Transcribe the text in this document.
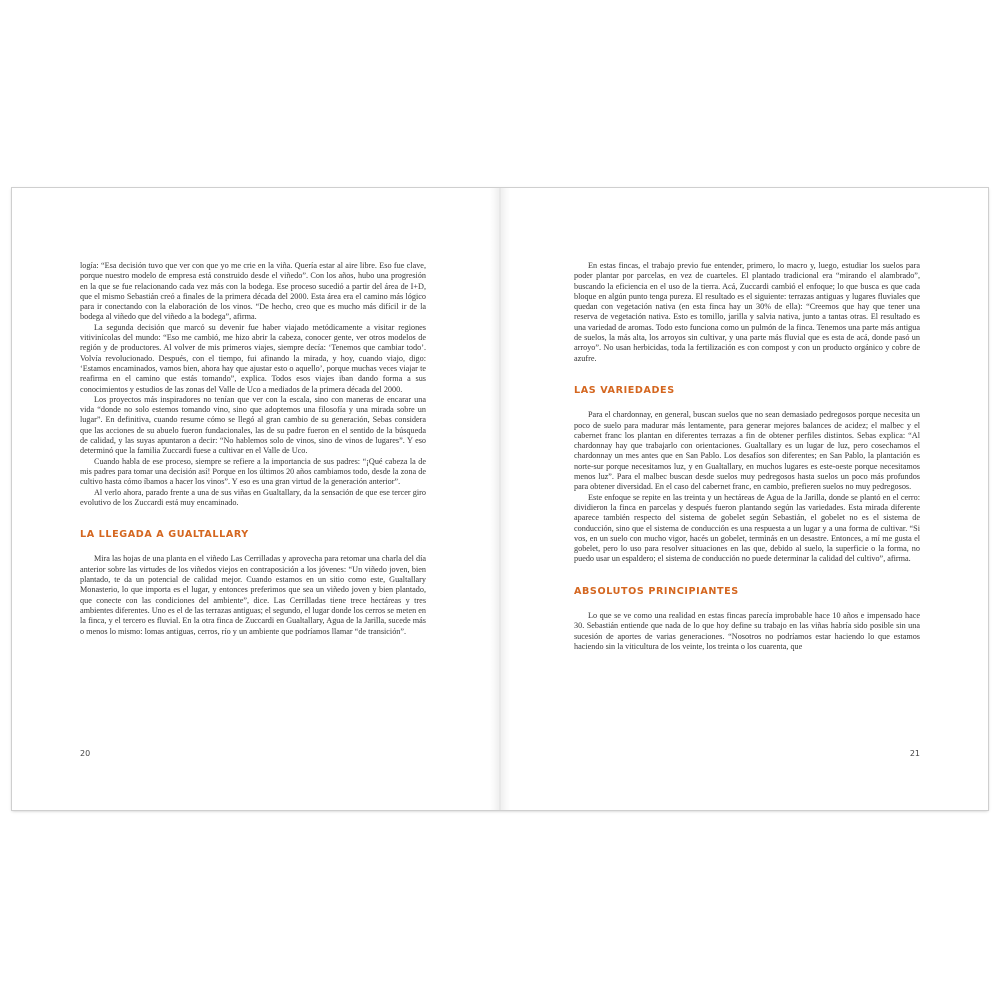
logía: “Esa decisión tuvo que ver con que yo me crie en la viña. Quería estar al aire libre. Eso fue clave, porque nuestro modelo de empresa está construido desde el viñedo”. Con los años, hubo una progresión en la que se fue relacionando cada vez más con la bodega. Ese proceso sucedió a partir del área de I+D, que el mismo Sebastián creó a finales de la primera década del 2000. Esta área era el camino más lógico para ir conectando con la elaboración de los vinos. “De hecho, creo que es mucho más difícil ir de la bodega al viñedo que del viñedo a la bodega”, afirma.

La segunda decisión que marcó su devenir fue haber viajado metódicamente a visitar regiones vitivinícolas del mundo: “Eso me cambió, me hizo abrir la cabeza, conocer gente, ver otros modelos de región y de productores. Al volver de mis primeros viajes, siempre decía: ‘Tenemos que cambiar todo’. Volvía revolucionado. Después, con el tiempo, fui afinando la mirada, y hoy, cuando viajo, digo: ‘Estamos encaminados, vamos bien, ahora hay que ajustar esto o aquello’, porque muchas veces viajar te reafirma en el camino que estás tomando”, explica. Todos esos viajes iban dando forma a sus conocimientos y estudios de las zonas del Valle de Uco a mediados de la primera década del 2000.

Los proyectos más inspiradores no tenían que ver con la escala, sino con maneras de encarar una vida “donde no solo estemos tomando vino, sino que adoptemos una filosofía y una mirada sobre un lugar”. En definitiva, cuando resume cómo se llegó al gran cambio de su generación, Sebas considera que las acciones de su abuelo fueron fundacionales, las de su padre fueron en el sentido de la búsqueda de calidad, y las suyas apuntaron a decir: “No hablemos solo de vinos, sino de vinos de lugares”. Y eso determinó que la familia Zuccardi fuese a cultivar en el Valle de Uco.

Cuando habla de ese proceso, siempre se refiere a la importancia de sus padres: “¡Qué cabeza la de mis padres para tomar una decisión así! Porque en los últimos 20 años cambiamos todo, desde la zona de cultivo hasta cómo íbamos a hacer los vinos”. Y eso es una gran virtud de la generación anterior”.

Al verlo ahora, parado frente a una de sus viñas en Gualtallary, da la sensación de que ese tercer giro evolutivo de los Zuccardi está muy encaminado.

LA LLEGADA A GUALTALLARY

Mira las hojas de una planta en el viñedo Las Cerrilladas y aprovecha para retomar una charla del día anterior sobre las virtudes de los viñedos viejos en contraposición a los jóvenes: “Un viñedo joven, bien plantado, te da un potencial de calidad mejor. Cuando estamos en un sitio como este, Gualtallary Monasterio, lo que importa es el lugar, y entonces preferimos que sea un viñedo joven y bien plantado, que conecte con las condiciones del ambiente”, dice. Las Cerrilladas tiene trece hectáreas y tres ambientes diferentes. Uno es el de las terrazas antiguas; el segundo, el lugar donde los cerros se meten en la finca, y el tercero es fluvial. En la otra finca de Zuccardi en Gualtallary, Agua de la Jarilla, sucede más o menos lo mismo: lomas antiguas, cerros, río y un ambiente que podríamos llamar “de transición”.

20

En estas fincas, el trabajo previo fue entender, primero, lo macro y, luego, estudiar los suelos para poder plantar por parcelas, en vez de cuarteles. El plantado tradicional era “mirando el alambrado”, buscando la eficiencia en el uso de la tierra. Acá, Zuccardi cambió el enfoque; lo que busca es que cada bloque en algún punto tenga pureza. El resultado es el siguiente: terrazas antiguas y lugares fluviales que quedan con vegetación nativa (en esta finca hay un 30% de ella): “Creemos que hay que tener una reserva de vegetación nativa. Esto es tomillo, jarilla y salvia nativa, junto a tantas otras. El resultado es una variedad de aromas. Todo esto funciona como un pulmón de la finca. Tenemos una parte más antigua de suelos, la más alta, los arroyos sin cultivar, y una parte más fluvial que es esta de acá, donde pasó un arroyo”. No usan herbicidas, toda la fertilización es con compost y con un producto orgánico y cobre de azufre.

LAS VARIEDADES

Para el chardonnay, en general, buscan suelos que no sean demasiado pedregosos porque necesita un poco de suelo para madurar más lentamente, para generar mejores balances de acidez; el malbec y el cabernet franc los plantan en diferentes terrazas a fin de obtener perfiles distintos. Sebas explica: “Al chardonnay hay que trabajarlo con orientaciones. Gualtallary es un lugar de luz, pero cosechamos el chardonnay un mes antes que en San Pablo. Los desafíos son diferentes; en San Pablo, la plantación es norte-sur porque necesitamos luz, y en Gualtallary, en muchos lugares es este-oeste porque necesitamos menos luz”. Para el malbec buscan desde suelos muy pedregosos hasta suelos un poco más profundos para obtener diversidad. En el caso del cabernet franc, en cambio, prefieren suelos no muy pedregosos.

Este enfoque se repite en las treinta y un hectáreas de Agua de la Jarilla, donde se plantó en el cerro: dividieron la finca en parcelas y después fueron plantando según las variedades. Esta mirada diferente aparece también respecto del sistema de gobelet según Sebastián, el gobelet no es el sistema de conducción, sino que el sistema de conducción es una respuesta a un lugar y a una forma de cultivar. “Si vos, en un suelo con mucho vigor, hacés un gobelet, terminás en un desastre. Entonces, a mí me gusta el gobelet, pero lo uso para resolver situaciones en las que, debido al suelo, la superficie o la forma, no puedo usar un espaldero; el sistema de conducción no puede determinar la calidad del cultivo”, afirma.

ABSOLUTOS PRINCIPIANTES

Lo que se ve como una realidad en estas fincas parecía improbable hace 10 años e impensado hace 30. Sebastián entiende que nada de lo que hoy define su trabajo en las viñas habría sido posible sin una sucesión de aportes de varias generaciones. “Nosotros no podríamos estar haciendo lo que estamos haciendo sin la viticultura de los veinte, los treinta o los cuarenta, que

21
